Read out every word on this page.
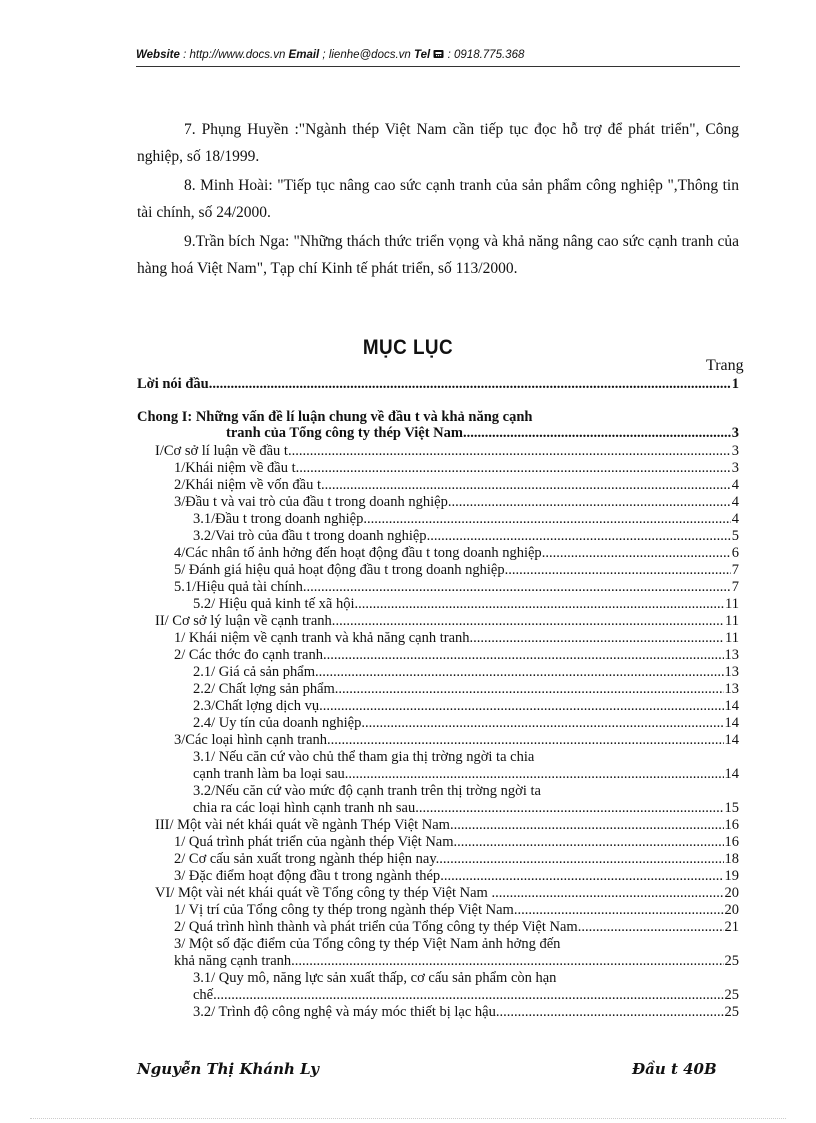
Website : http://www.docs.vn Email ; lienhe@docs.vn Tel  : 0918.775.368

7. Phụng Huyền :"Ngành thép Việt Nam cần tiếp tục đọc hỗ trợ để phát triển", Công nghiệp, số 18/1999.

8. Minh Hoài: "Tiếp tục nâng cao sức cạnh tranh của sản phẩm công nghiệp ",Thông tin tài chính, số 24/2000.

9.Trần bích Nga: "Những thách thức triển vọng và khả năng nâng cao sức cạnh tranh của hàng hoá Việt Nam", Tạp chí Kinh tế phát triển, số 113/2000.

MỤC LỤC
Trang
Lời nói đầu .....	1
Chong I: Những vấn đề lí luận chung về đầu t và khả năng cạnh
tranh của Tổng công ty thép Việt Nam .....	3
I/Cơ sở lí luận về đầu t .....	3
1/Khái niệm về đầu t .....	3
2/Khái niệm về vốn đầu t .....	4
3/Đầu t và vai trò của đầu t trong doanh nghiệp. .....	4
3.1/Đầu t trong doanh nghiệp .....	4
3.2/Vai trò của đầu t trong doanh nghiệp .....	5
4/Các nhân tố ảnh hởng đến hoạt động đầu t tong doanh nghiệp .....	6
5/ Đánh giá hiệu quả hoạt động đầu t trong doanh nghiệp .....	7
5.1/Hiệu quả tài chính .....	7
5.2/ Hiệu quả kinh tế xã hội .....	11
II/ Cơ sở lý luận về cạnh tranh. .....	11
1/ Khái niệm về cạnh tranh và khả năng cạnh tranh. .....	11
2/ Các thớc đo cạnh tranh. .....	13
2.1/ Giá cả sản phẩm. .....	13
2.2/ Chất lợng sản phẩm. .....	13
2.3/Chất lợng dịch vụ .....	14
2.4/ Uy tín của doanh nghiệp .....	14
3/Các loại hình cạnh tranh. .....	14
3.1/ Nếu căn cứ vào chủ thể tham gia thị trờng ngời ta chia
cạnh tranh làm ba loại sau .....	14
3.2/Nếu căn cứ vào mức độ cạnh tranh trên thị trờng ngời ta
chia ra các loại hình cạnh tranh nh sau .....	15
III/ Một vài nét khái quát về ngành Thép Việt Nam .....	16
1/ Quá trình phát triển của ngành thép Việt Nam .....	16
2/ Cơ cấu sản xuất trong ngành thép hiện nay. .....	18
3/ Đặc điểm hoạt động đầu t trong ngành thép .....	19
VI/ Một vài nét khái quát về Tổng công ty thép Việt Nam . .....	20
1/ Vị trí của Tổng công ty thép trong ngành thép Việt Nam. .....	20
2/ Quá trình hình thành và phát triển của Tổng công ty thép Việt Nam. .....	21
3/ Một số đặc điểm của Tổng công ty thép Việt Nam ảnh hởng đến
khả năng cạnh tranh. .....	25
3.1/ Quy mô, năng lực sản xuất thấp, cơ cấu sản phẩm còn hạn
chế. .....	25
3.2/ Trình độ công nghệ và máy móc thiết bị lạc hậu. .....	25
Nguyễn Thị Khánh Ly	Đầu t 40B
